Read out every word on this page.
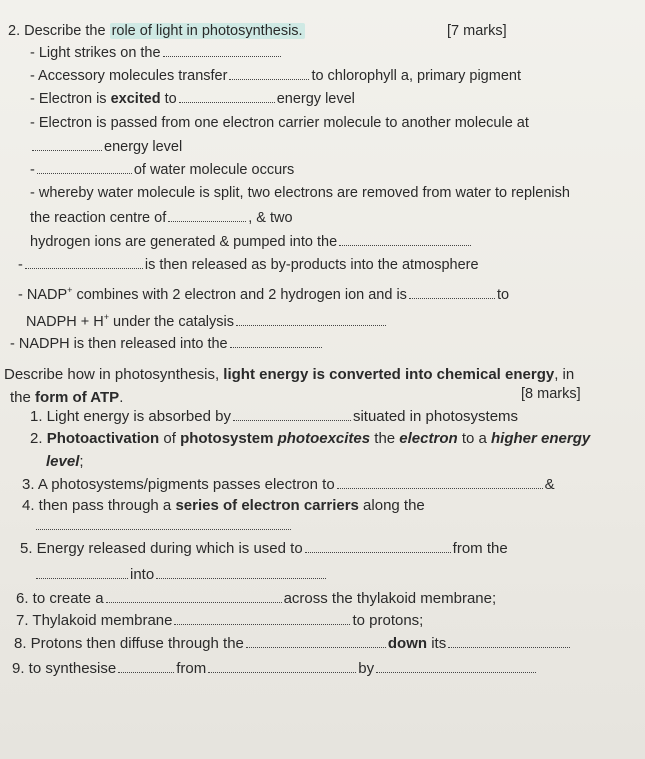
2. Describe the role of light in photosynthesis.	[7 marks]
- Light strikes on the
- Accessory molecules transfer	to chlorophyll a, primary pigment
- Electron is excited to	energy level
- Electron is passed from one electron carrier molecule to another molecule at
energy level
-	of water molecule occurs
- whereby water molecule is split, two electrons are removed from water to replenish
the reaction centre of	, & two
hydrogen ions are generated & pumped into the
-	is then released as by-products into the atmosphere
- NADP+ combines with 2 electron and 2 hydrogen ion and is	to
NADPH + H+ under the catalysis
- NADPH is then released into the
Describe how in photosynthesis, light energy is converted into chemical energy, in
the form of ATP.	[8 marks]
1. Light energy is absorbed by	situated in photosystems
2. Photoactivation of photosystem photoexcites the electron to a higher energy
level;
3. A photosystems/pigments passes electron to	&
4. then pass through a series of electron carriers along the
5. Energy released during which is used to	from the
into
6. to create a	across the thylakoid membrane;
7. Thylakoid membrane	to protons;
8. Protons then diffuse through the	down its
9. to synthesise	from	by
